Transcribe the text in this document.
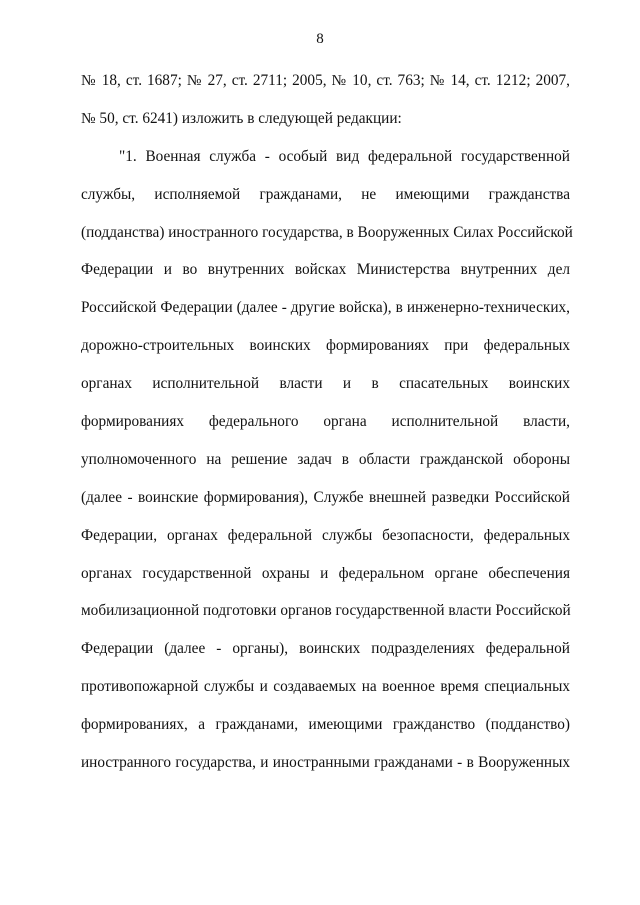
8
№ 18, ст. 1687; № 27, ст. 2711; 2005, № 10, ст. 763; № 14, ст. 1212; 2007,
№ 50, ст. 6241) изложить в следующей редакции:
"1. Военная служба - особый вид федеральной государственной
службы, исполняемой гражданами, не имеющими гражданства
(подданства) иностранного государства, в Вооруженных Силах Российской
Федерации и во внутренних войсках Министерства внутренних дел
Российской Федерации (далее - другие войска), в инженерно-технических,
дорожно-строительных воинских формированиях при федеральных
органах исполнительной власти и в спасательных воинских
формированиях федерального органа исполнительной власти,
уполномоченного на решение задач в области гражданской обороны
(далее - воинские формирования), Службе внешней разведки Российской
Федерации, органах федеральной службы безопасности, федеральных
органах государственной охраны и федеральном органе обеспечения
мобилизационной подготовки органов государственной власти Российской
Федерации (далее - органы), воинских подразделениях федеральной
противопожарной службы и создаваемых на военное время специальных
формированиях, а гражданами, имеющими гражданство (подданство)
иностранного государства, и иностранными гражданами - в Вооруженных
